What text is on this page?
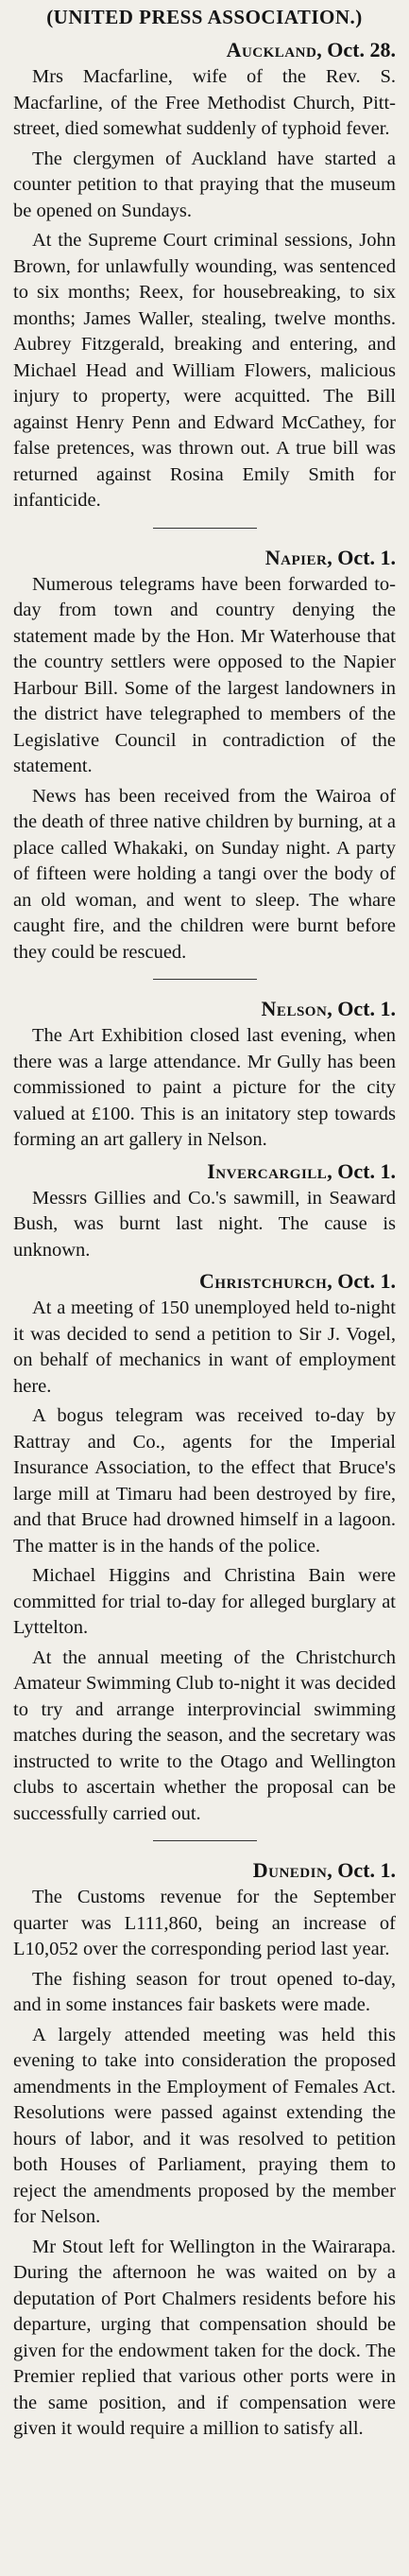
(UNITED PRESS ASSOCIATION.)
Auckland, Oct. 28.

Mrs Macfarline, wife of the Rev. S. Macfarline, of the Free Methodist Church, Pitt-street, died somewhat suddenly of typhoid fever.

The clergymen of Auckland have started a counter petition to that praying that the museum be opened on Sundays.

At the Supreme Court criminal sessions, John Brown, for unlawfully wounding, was sentenced to six months; Reex, for housebreaking, to six months; James Waller, stealing, twelve months. Aubrey Fitzgerald, breaking and entering, and Michael Head and William Flowers, malicious injury to property, were acquitted. The Bill against Henry Penn and Edward McCathey, for false pretences, was thrown out. A true bill was returned against Rosina Emily Smith for infanticide.

Napier, Oct. 1.

Numerous telegrams have been forwarded to-day from town and country denying the statement made by the Hon. Mr Waterhouse that the country settlers were opposed to the Napier Harbour Bill. Some of the largest landowners in the district have telegraphed to members of the Legislative Council in contradiction of the statement.

News has been received from the Wairoa of the death of three native children by burning, at a place called Whakaki, on Sunday night. A party of fifteen were holding a tangi over the body of an old woman, and went to sleep. The whare caught fire, and the children were burnt before they could be rescued.

Nelson, Oct. 1.

The Art Exhibition closed last evening, when there was a large attendance. Mr Gully has been commissioned to paint a picture for the city valued at £100. This is an initatory step towards forming an art gallery in Nelson.

Invercargill, Oct. 1.

Messrs Gillies and Co.'s sawmill, in Seaward Bush, was burnt last night. The cause is unknown.

Christchurch, Oct. 1.

At a meeting of 150 unemployed held to-night it was decided to send a petition to Sir J. Vogel, on behalf of mechanics in want of employment here.

A bogus telegram was received to-day by Rattray and Co., agents for the Imperial Insurance Association, to the effect that Bruce's large mill at Timaru had been destroyed by fire, and that Bruce had drowned himself in a lagoon. The matter is in the hands of the police.

Michael Higgins and Christina Bain were committed for trial to-day for alleged burglary at Lyttelton.

At the annual meeting of the Christchurch Amateur Swimming Club to-night it was decided to try and arrange interprovincial swimming matches during the season, and the secretary was instructed to write to the Otago and Wellington clubs to ascertain whether the proposal can be successfully carried out.

Dunedin, Oct. 1.

The Customs revenue for the September quarter was L111,860, being an increase of L10,052 over the corresponding period last year.

The fishing season for trout opened to-day, and in some instances fair baskets were made.

A largely attended meeting was held this evening to take into consideration the proposed amendments in the Employment of Females Act. Resolutions were passed against extending the hours of labor, and it was resolved to petition both Houses of Parliament, praying them to reject the amendments proposed by the member for Nelson.

Mr Stout left for Wellington in the Wairarapa. During the afternoon he was waited on by a deputation of Port Chalmers residents before his departure, urging that compensation should be given for the endowment taken for the dock. The Premier replied that various other ports were in the same position, and if compensation were given it would require a million to satisfy all.
